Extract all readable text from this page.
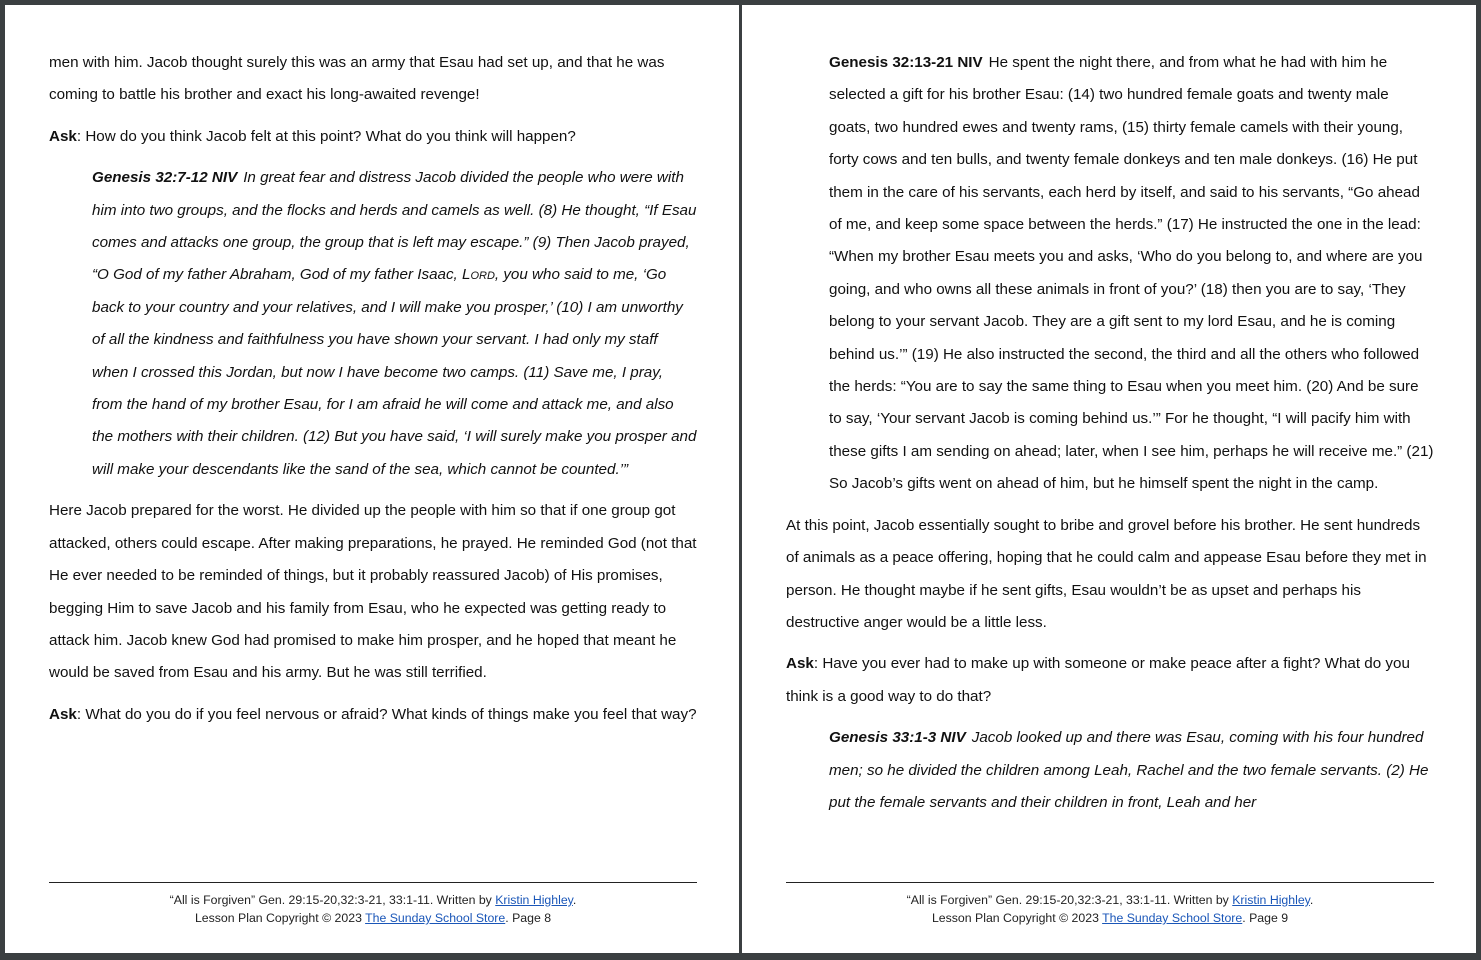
men with him. Jacob thought surely this was an army that Esau had set up, and that he was coming to battle his brother and exact his long-awaited revenge!

Ask: How do you think Jacob felt at this point? What do you think will happen?

Genesis 32:7-12 NIV In great fear and distress Jacob divided the people who were with him into two groups, and the flocks and herds and camels as well. (8) He thought, “If Esau comes and attacks one group, the group that is left may escape.” (9) Then Jacob prayed, “O God of my father Abraham, God of my father Isaac, Lord, you who said to me, ‘Go back to your country and your relatives, and I will make you prosper,’ (10) I am unworthy of all the kindness and faithfulness you have shown your servant. I had only my staff when I crossed this Jordan, but now I have become two camps. (11) Save me, I pray, from the hand of my brother Esau, for I am afraid he will come and attack me, and also the mothers with their children. (12) But you have said, ‘I will surely make you prosper and will make your descendants like the sand of the sea, which cannot be counted.’”

Here Jacob prepared for the worst. He divided up the people with him so that if one group got attacked, others could escape. After making preparations, he prayed. He reminded God (not that He ever needed to be reminded of things, but it probably reassured Jacob) of His promises, begging Him to save Jacob and his family from Esau, who he expected was getting ready to attack him. Jacob knew God had promised to make him prosper, and he hoped that meant he would be saved from Esau and his army. But he was still terrified.

Ask: What do you do if you feel nervous or afraid? What kinds of things make you feel that way?

“All is Forgiven” Gen. 29:15-20,32:3-21, 33:1-11. Written by Kristin Highley.
Lesson Plan Copyright © 2023 The Sunday School Store. Page 8
Genesis 32:13-21 NIV He spent the night there, and from what he had with him he selected a gift for his brother Esau: (14) two hundred female goats and twenty male goats, two hundred ewes and twenty rams, (15) thirty female camels with their young, forty cows and ten bulls, and twenty female donkeys and ten male donkeys. (16) He put them in the care of his servants, each herd by itself, and said to his servants, “Go ahead of me, and keep some space between the herds.” (17) He instructed the one in the lead: “When my brother Esau meets you and asks, ‘Who do you belong to, and where are you going, and who owns all these animals in front of you?’ (18) then you are to say, ‘They belong to your servant Jacob. They are a gift sent to my lord Esau, and he is coming behind us.’” (19) He also instructed the second, the third and all the others who followed the herds: “You are to say the same thing to Esau when you meet him. (20) And be sure to say, ‘Your servant Jacob is coming behind us.’” For he thought, “I will pacify him with these gifts I am sending on ahead; later, when I see him, perhaps he will receive me.” (21) So Jacob’s gifts went on ahead of him, but he himself spent the night in the camp.

At this point, Jacob essentially sought to bribe and grovel before his brother. He sent hundreds of animals as a peace offering, hoping that he could calm and appease Esau before they met in person. He thought maybe if he sent gifts, Esau wouldn’t be as upset and perhaps his destructive anger would be a little less.

Ask: Have you ever had to make up with someone or make peace after a fight? What do you think is a good way to do that?

Genesis 33:1-3 NIV Jacob looked up and there was Esau, coming with his four hundred men; so he divided the children among Leah, Rachel and the two female servants. (2) He put the female servants and their children in front, Leah and her
“All is Forgiven” Gen. 29:15-20,32:3-21, 33:1-11. Written by Kristin Highley.
Lesson Plan Copyright © 2023 The Sunday School Store. Page 9
